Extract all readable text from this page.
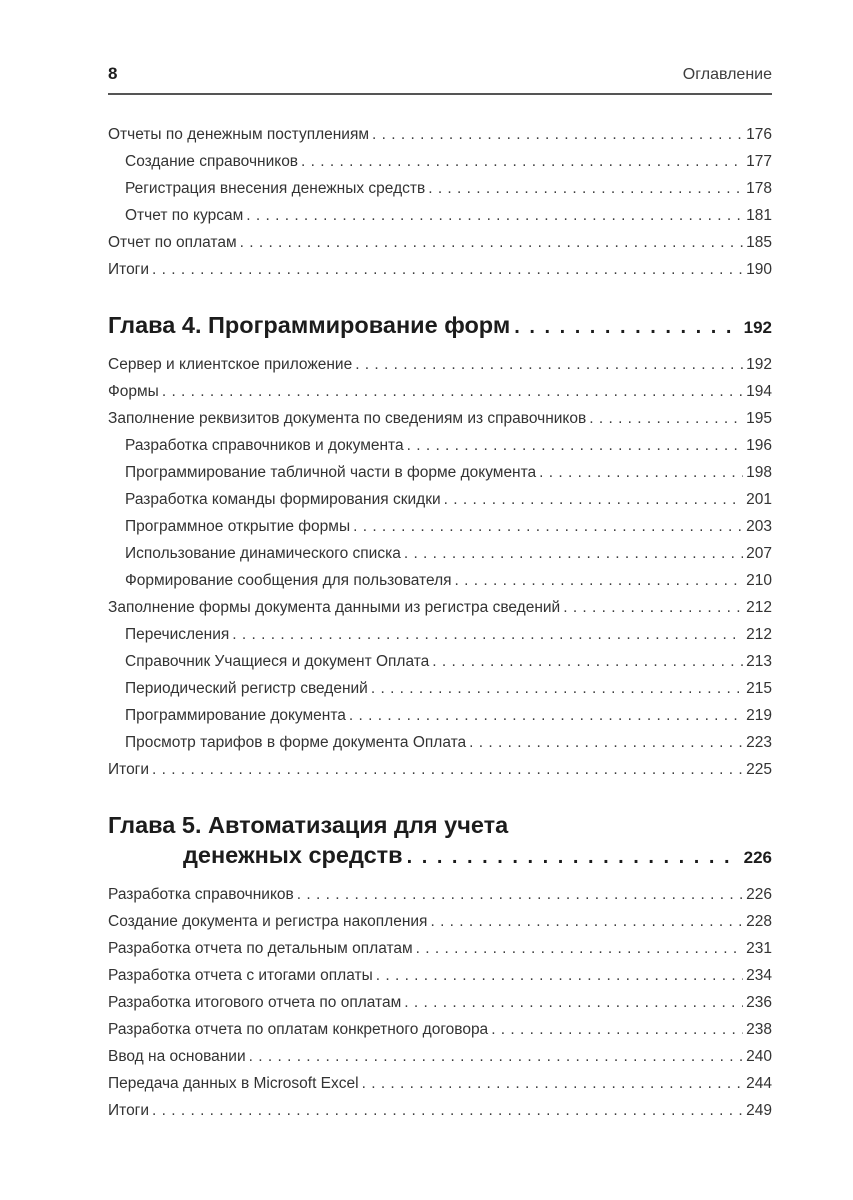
8	Оглавление
Отчеты по денежным поступлениям . . .	176
Создание справочников . . .	177
Регистрация внесения денежных средств . . .	178
Отчет по курсам . . .	181
Отчет по оплатам . . .	185
Итоги . . .	190
Глава 4. Программирование форм . . .	192
Сервер и клиентское приложение . . .	192
Формы . . .	194
Заполнение реквизитов документа по сведениям из справочников . . .	195
Разработка справочников и документа . . .	196
Программирование табличной части в форме документа . . .	198
Разработка команды формирования скидки . . .	201
Программное открытие формы . . .	203
Использование динамического списка . . .	207
Формирование сообщения для пользователя . . .	210
Заполнение формы документа данными из регистра сведений . . .	212
Перечисления . . .	212
Справочник Учащиеся и документ Оплата . . .	213
Периодический регистр сведений . . .	215
Программирование документа . . .	219
Просмотр тарифов в форме документа Оплата . . .	223
Итоги . . .	225
Глава 5. Автоматизация для учета
денежных средств . . .	226
Разработка справочников . . .	226
Создание документа и регистра накопления . . .	228
Разработка отчета по детальным оплатам . . .	231
Разработка отчета с итогами оплаты . . .	234
Разработка итогового отчета по оплатам . . .	236
Разработка отчета по оплатам конкретного договора . . .	238
Ввод на основании . . .	240
Передача данных в Microsoft Excel . . .	244
Итоги . . .	249
